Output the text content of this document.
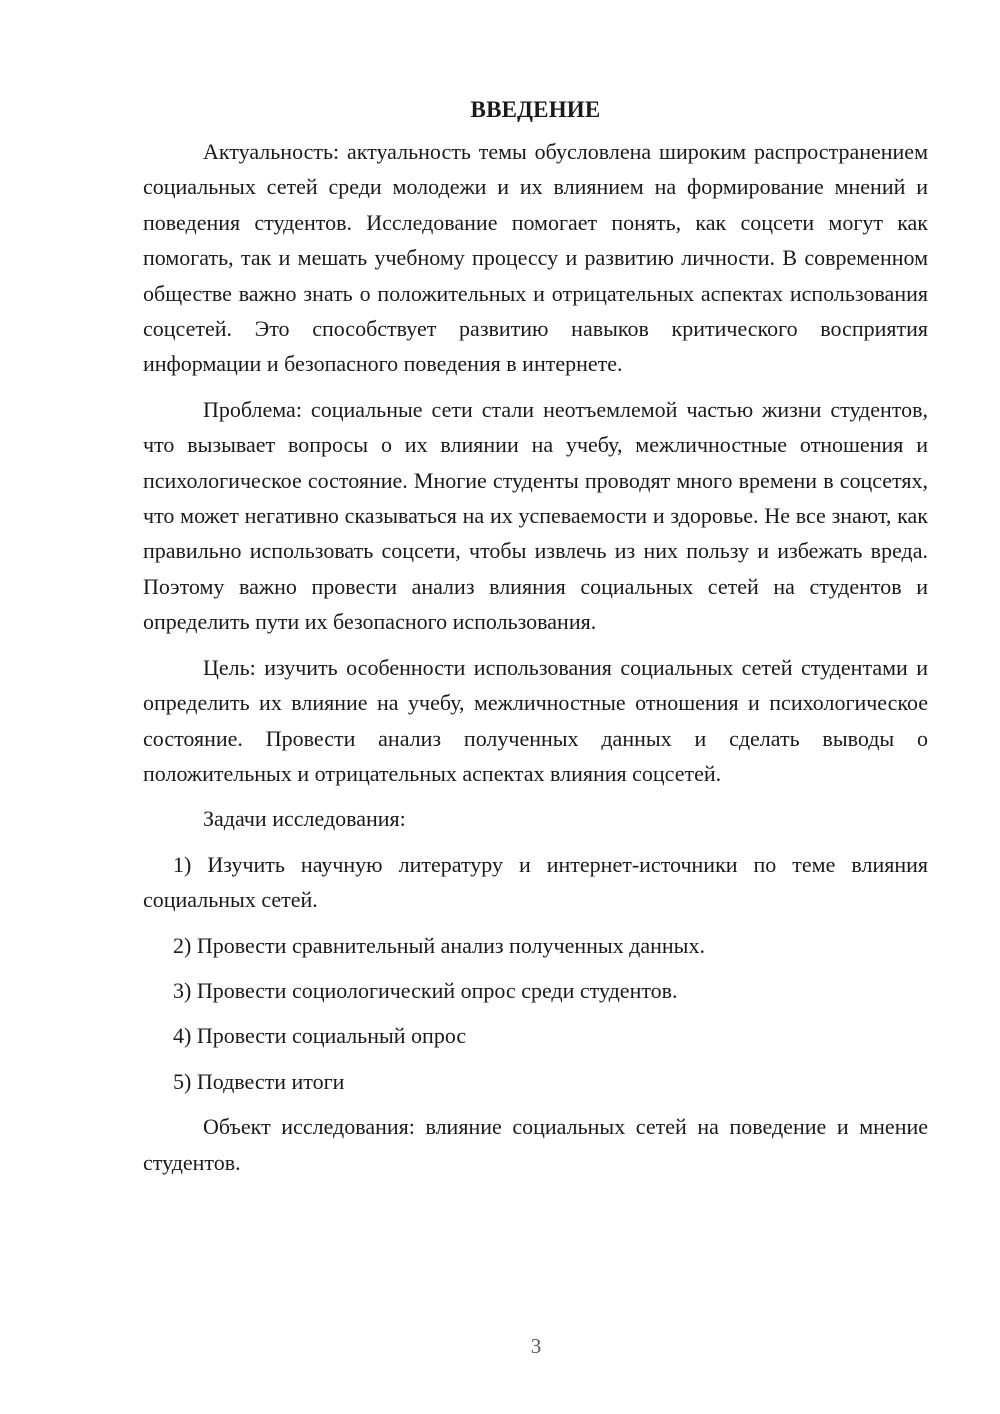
ВВЕДЕНИЕ

Актуальность: актуальность темы обусловлена широким распространением социальных сетей среди молодежи и их влиянием на формирование мнений и поведения студентов. Исследование помогает понять, как соцсети могут как помогать, так и мешать учебному процессу и развитию личности. В современном обществе важно знать о положительных и отрицательных аспектах использования соцсетей. Это способствует развитию навыков критического восприятия информации и безопасного поведения в интернете.

Проблема: социальные сети стали неотъемлемой частью жизни студентов, что вызывает вопросы о их влиянии на учебу, межличностные отношения и психологическое состояние. Многие студенты проводят много времени в соцсетях, что может негативно сказываться на их успеваемости и здоровье. Не все знают, как правильно использовать соцсети, чтобы извлечь из них пользу и избежать вреда. Поэтому важно провести анализ влияния социальных сетей на студентов и определить пути их безопасного использования.

Цель: изучить особенности использования социальных сетей студентами и определить их влияние на учебу, межличностные отношения и психологическое состояние. Провести анализ полученных данных и сделать выводы о положительных и отрицательных аспектах влияния соцсетей.

Задачи исследования:

1) Изучить научную литературу и интернет-источники по теме влияния социальных сетей.

2) Провести сравнительный анализ полученных данных.

3) Провести социологический опрос среди студентов.

4) Провести социальный опрос

5) Подвести итоги

Объект исследования: влияние социальных сетей на поведение и мнение студентов.

3
